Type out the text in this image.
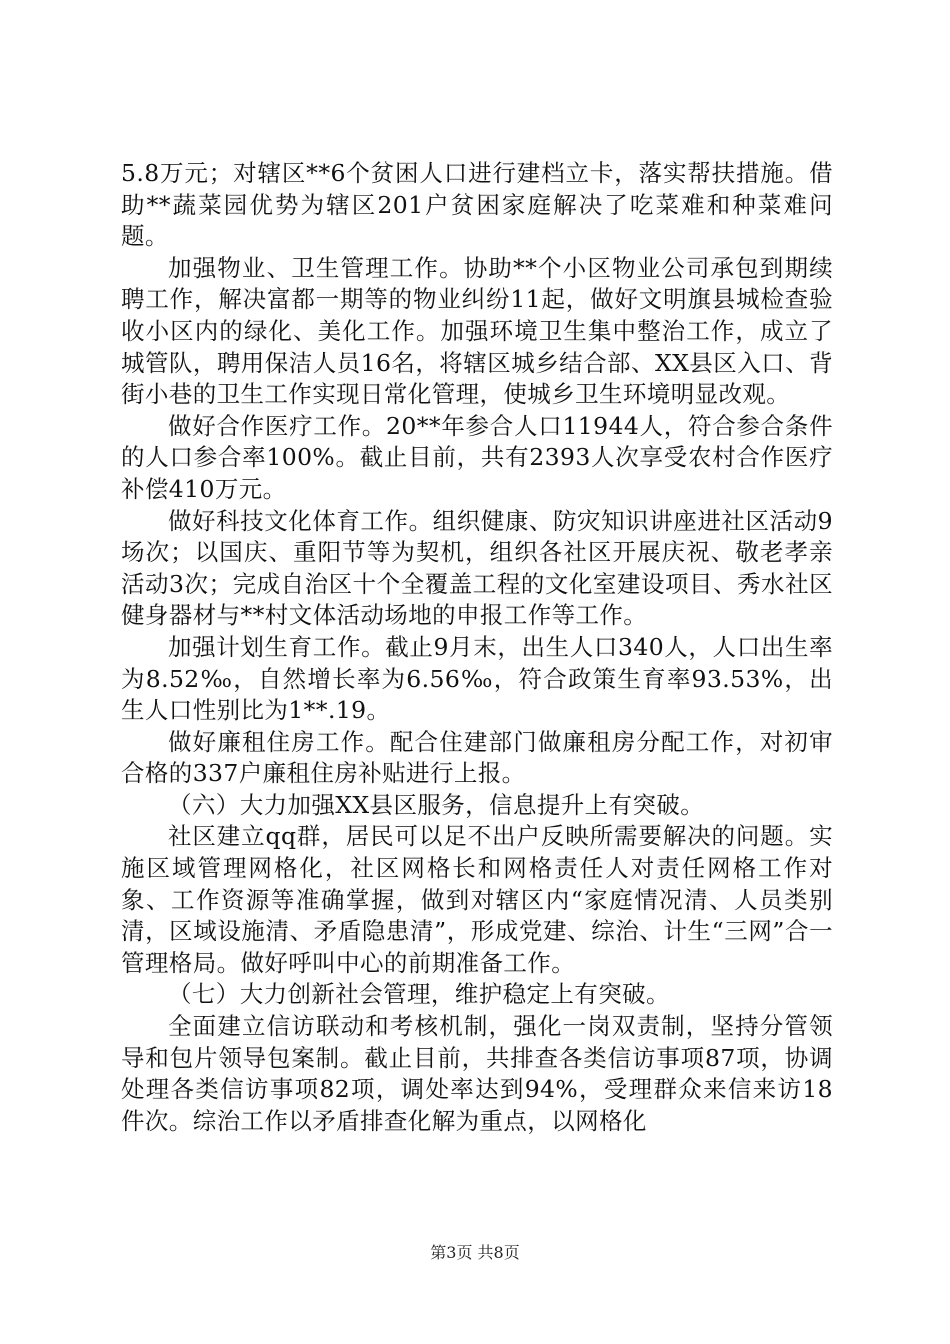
5.8万元；对辖区**6个贫困人口进行建档立卡，落实帮扶措施。借助**蔬菜园优势为辖区201户贫困家庭解决了吃菜难和种菜难问题。

加强物业、卫生管理工作。协助**个小区物业公司承包到期续聘工作，解决富都一期等的物业纠纷11起，做好文明旗县城检查验收小区内的绿化、美化工作。加强环境卫生集中整治工作，成立了城管队，聘用保洁人员16名，将辖区城乡结合部、XX县区入口、背街小巷的卫生工作实现日常化管理，使城乡卫生环境明显改观。

做好合作医疗工作。20**年参合人口11944人，符合参合条件的人口参合率100%。截止目前，共有2393人次享受农村合作医疗补偿410万元。

做好科技文化体育工作。组织健康、防灾知识讲座进社区活动9场次；以国庆、重阳节等为契机，组织各社区开展庆祝、敬老孝亲活动3次；完成自治区十个全覆盖工程的文化室建设项目、秀水社区健身器材与**村文体活动场地的申报工作等工作。

加强计划生育工作。截止9月末，出生人口340人，人口出生率为8.52‰，自然增长率为6.56‰，符合政策生育率93.53%，出生人口性别比为1**.19。

做好廉租住房工作。配合住建部门做廉租房分配工作，对初审合格的337户廉租住房补贴进行上报。

（六）大力加强XX县区服务，信息提升上有突破。

社区建立qq群，居民可以足不出户反映所需要解决的问题。实施区域管理网格化，社区网格长和网格责任人对责任网格工作对象、工作资源等准确掌握，做到对辖区内“家庭情况清、人员类别清，区域设施清、矛盾隐患清”，形成党建、综治、计生“三网”合一管理格局。做好呼叫中心的前期准备工作。

（七）大力创新社会管理，维护稳定上有突破。

全面建立信访联动和考核机制，强化一岗双责制，坚持分管领导和包片领导包案制。截止目前，共排查各类信访事项87项，协调处理各类信访事项82项，调处率达到94%，受理群众来信来访18件次。综治工作以矛盾排查化解为重点，以网格化

第3页 共8页
